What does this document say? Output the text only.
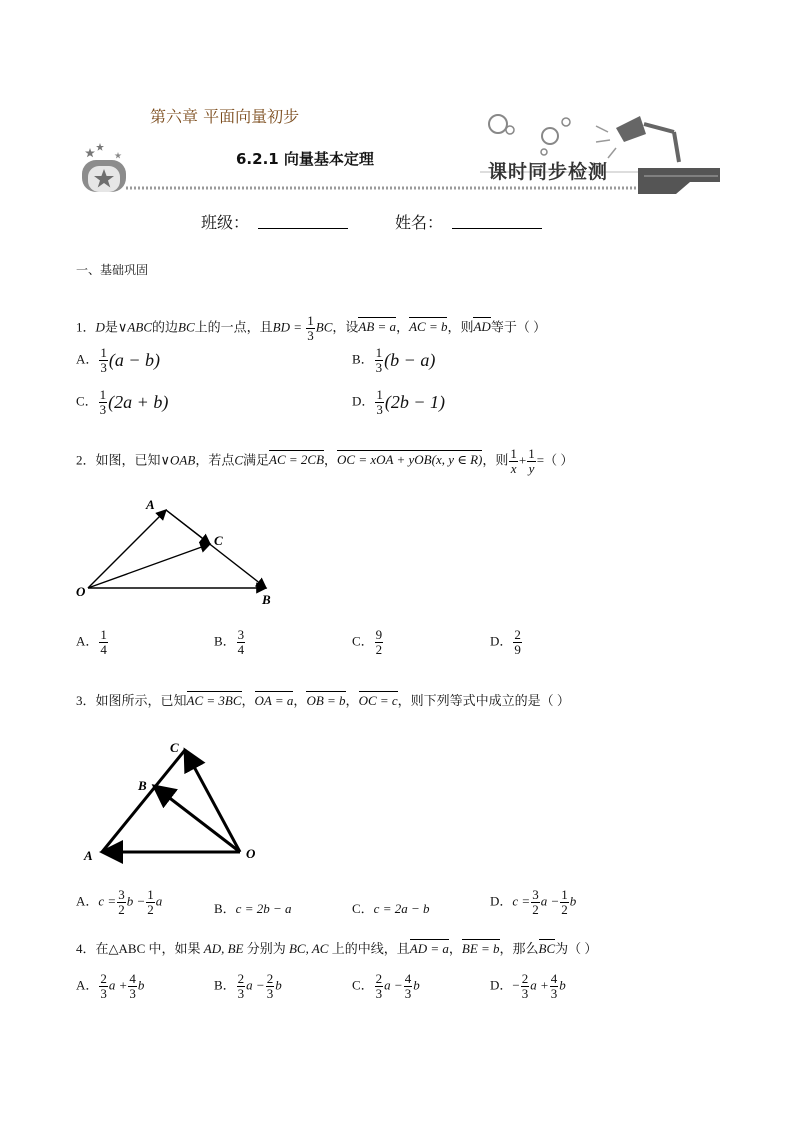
第六章 平面向量初步
6.2.1 向量基本定理
课时同步检测
班级：	姓名：
一、基础巩固
1．D是∨ABC的边BC上的一点，且BD = $\frac{1}{3}$ BC，设AB = a，AC = b，则AD等于（ ）
A． $\frac{1}{3} (a - b)$	B． $\frac{1}{3} (b - a)$
C． $\frac{1}{3} (2a + b)$	D． $\frac{1}{3} (2b - 1)$
2．如图，已知∨OAB，若点C满足AC = 2CB，OC = xOA + yOB(x, y ∈ R)，则 $\frac{1}{x} + \frac{1}{y}$ =（ ）
A
C
O
B
A． $\frac{1}{4}$	B． $\frac{3}{4}$	C． $\frac{9}{2}$	D． $\frac{2}{9}$
3．如图所示，已知AC = 3BC，OA = a，OB = b，OC = c，则下列等式中成立的是（ ）
C
B
A	O
A．$c = \frac{3}{2}$ $b - \frac{1}{2}$ a
B．c = 2b − a	C．c = 2a − b
D．$c = \frac{3}{2}$ $a - \frac{1}{2}$ b
4．在△ABC 中，如果 AD, BE 分别为 BC, AC 上的中线，且AD = a，BE = b，那么BC为（ ）
A． $\frac{2}{3}$ $a + \frac{4}{3}$ b	B． $\frac{2}{3}$ $a - \frac{2}{3}$ b	C． $\frac{2}{3}$ $a - \frac{4}{3}$ b	D．− $\frac{2}{3}$ $a + \frac{4}{3}$ b
